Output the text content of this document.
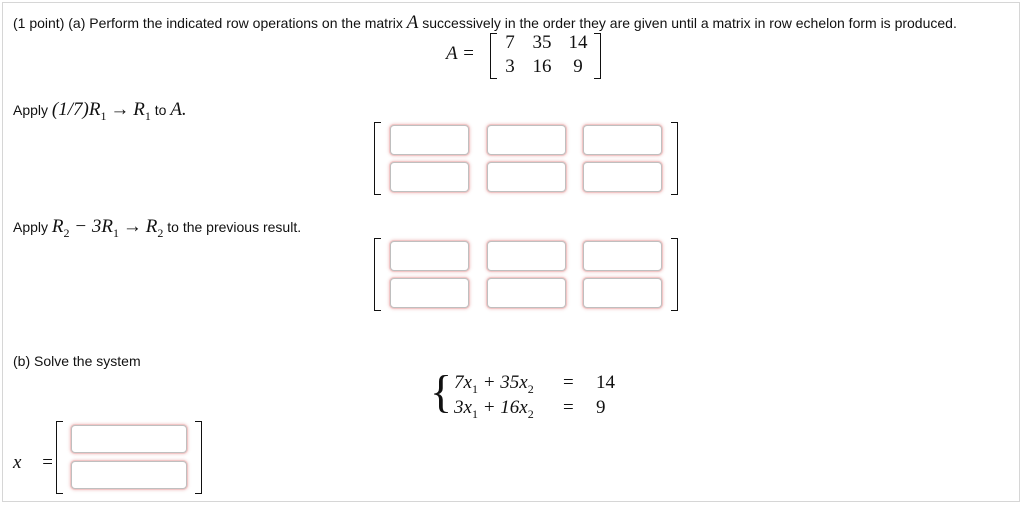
(1 point) (a) Perform the indicated row operations on the matrix A successively in the order they are given until a matrix in row echelon form is produced.
A =
7 35 14
3 16	9
Apply $(1/7)R_1 \to R_1$ to A.
Apply $R_2 - 3R_1 \to R_2$ to the previous result.
(b) Solve the system
{ $7x_1 + 35x_2 = 14$
$3x_1 + 16x_2 = 9$
x⃗ =
